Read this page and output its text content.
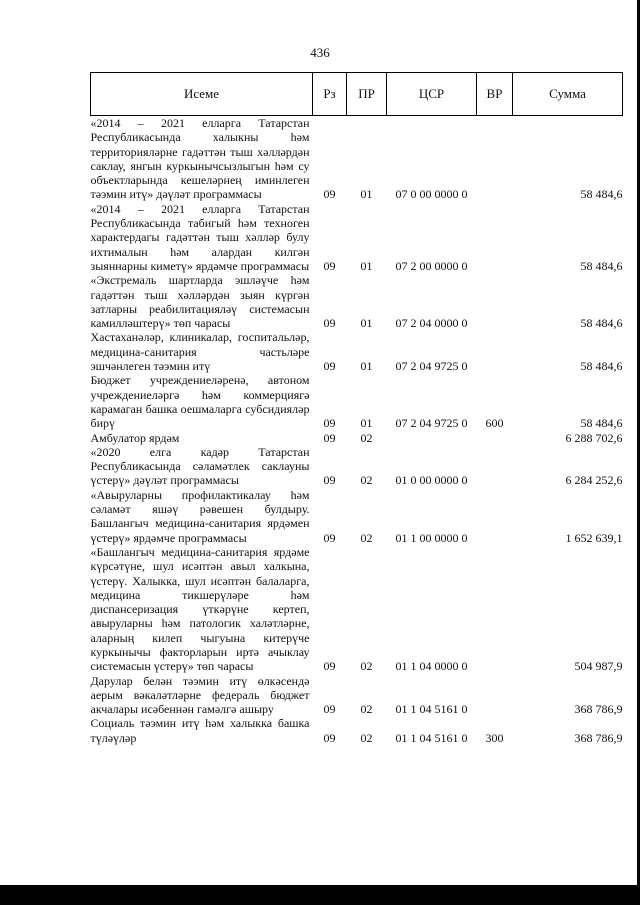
436
Исеме	Рз	ПР	ЦСР	ВР	Сумма
«2014 – 2021 елларга Татарстан Республикасында халыкны һәм территорияләрне гадәттән тыш хәлләрдән саклау, янгын куркынычсызлыгын һәм су объектларында кешеләрнең иминлеген тәэмин итү» дәүләт программасы	09	01	07 0 00 0000 0		58 484,6
«2014 – 2021 елларга Татарстан Республикасында табигый һәм техноген характердагы гадәттән тыш хәлләр булу ихтималын һәм алардан килгән зыяннарны киметү» ярдәмче программасы	09	01	07 2 00 0000 0		58 484,6
«Экстремаль шартларда эшләүче һәм гадәттән тыш хәлләрдән зыян күргән затларны реабилитацияләү системасын камилләштерү» төп чарасы	09	01	07 2 04 0000 0		58 484,6
Хастаханәләр, клиникалар, госпитальләр, медицина-санитария частьләре эшчәнлеген тәэмин итү	09	01	07 2 04 9725 0		58 484,6
Бюджет учреждениеләренә, автоном учреждениеләргә һәм коммерциягә карамаган башка оешмаларга субсидияләр бирү	09	01	07 2 04 9725 0	600	58 484,6
Амбулатор ярдәм	09	02			6 288 702,6
«2020 елга кадәр Татарстан Республикасында сәламәтлек саклауны үстерү» дәүләт программасы	09	02	01 0 00 0000 0		6 284 252,6
«Авыруларны профилактикалау һәм сәламәт яшәү рәвешен булдыру. Башлангыч медицина-санитария ярдәмен үстерү» ярдәмче программасы	09	02	01 1 00 0000 0		1 652 639,1
«Башлангыч медицина-санитария ярдәме күрсәтүне, шул исәптән авыл халкына, үстерү. Халыкка, шул исәптән балаларга, медицина тикшерүләре һәм диспансеризация үткәрүне кертеп, авыруларны һәм патологик халәтләрне, аларның килеп чыгуына китерүче куркынычы факторларын иртә ачыклау системасын үстерү» төп чарасы	09	02	01 1 04 0000 0		504 987,9
Дарулар белән тәэмин итү өлкәсендә аерым вәкаләтләрне федераль бюджет акчалары исәбеннән гамәлгә ашыру	09	02	01 1 04 5161 0		368 786,9
Социаль тәэмин итү һәм халыкка башка түләүләр	09	02	01 1 04 5161 0	300	368 786,9
